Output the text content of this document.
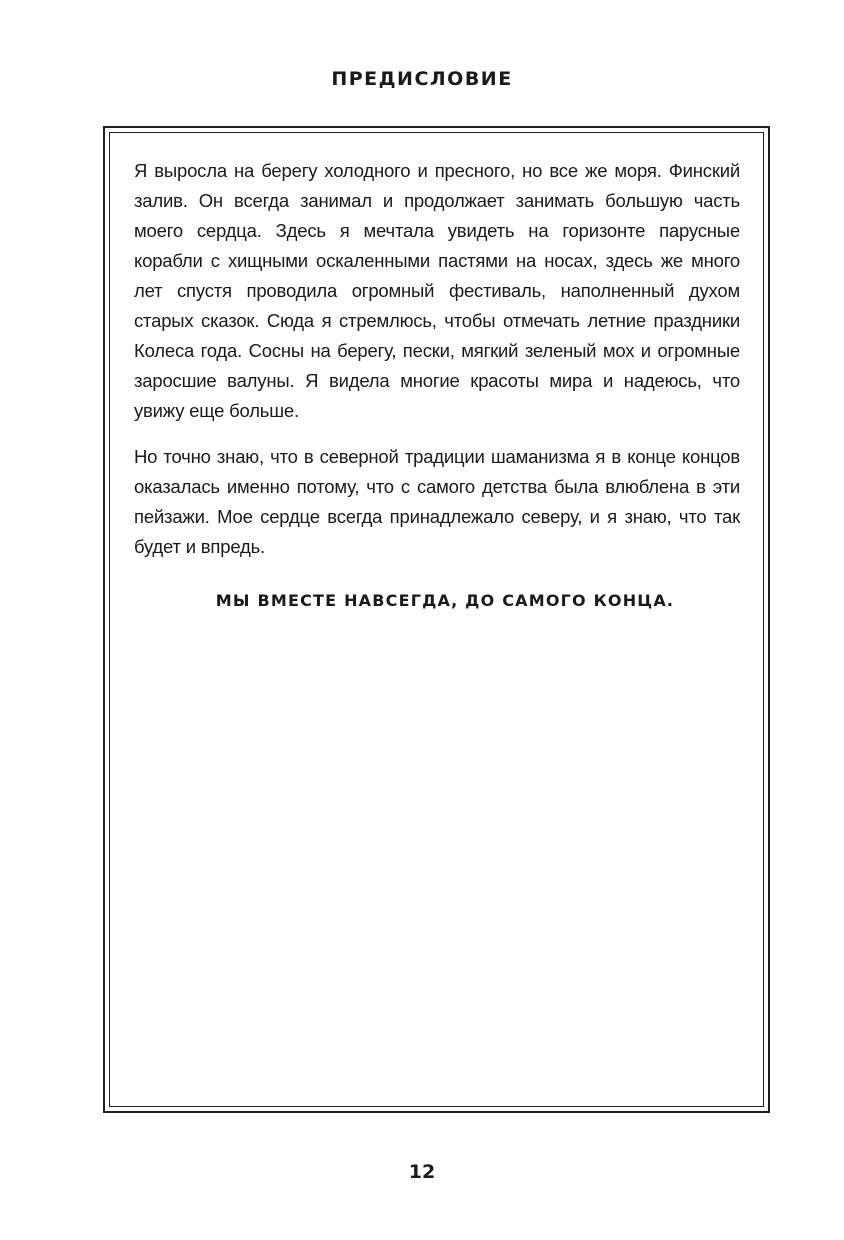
ПРЕДИСЛОВИЕ

Я выросла на берегу холодного и пресного, но все же моря. Финский залив. Он всегда занимал и продолжает занимать большую часть моего сердца. Здесь я мечтала увидеть на горизонте парусные корабли с хищными оскаленными пастями на носах, здесь же много лет спустя проводила огромный фестиваль, наполненный духом старых сказок. Сюда я стремлюсь, чтобы отмечать летние праздники Колеса года. Сосны на берегу, пески, мягкий зеленый мох и огромные заросшие валуны. Я видела многие красоты мира и надеюсь, что увижу еще больше.

Но точно знаю, что в северной традиции шаманизма я в конце концов оказалась именно потому, что с самого детства была влюблена в эти пейзажи. Мое сердце всегда принадлежало северу, и я знаю, что так будет и впредь.

МЫ ВМЕСТЕ НАВСЕГДА, ДО САМОГО КОНЦА.
12
